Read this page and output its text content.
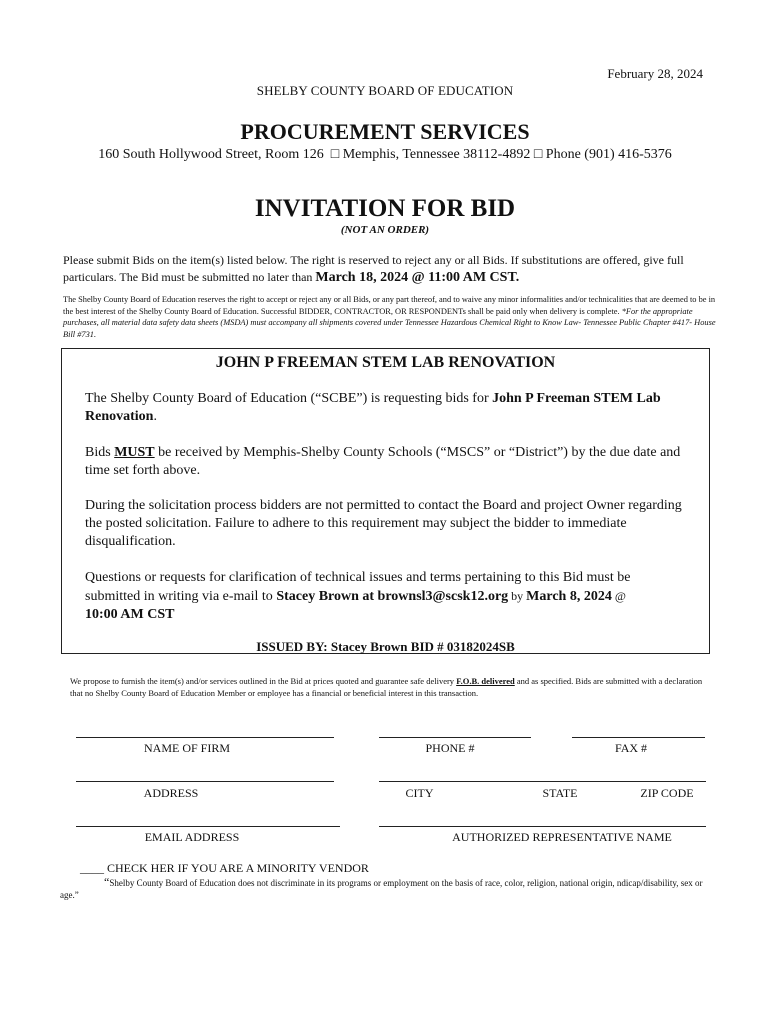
February 28, 2024
SHELBY COUNTY BOARD OF EDUCATION
PROCUREMENT SERVICES
160 South Hollywood Street, Room 126 □ Memphis, Tennessee 38112-4892 □ Phone (901) 416-5376
INVITATION FOR BID
(NOT AN ORDER)
Please submit Bids on the item(s) listed below. The right is reserved to reject any or all Bids. If substitutions are offered, give full particulars. The Bid must be submitted no later than March 18, 2024 @ 11:00 AM CST.
The Shelby County Board of Education reserves the right to accept or reject any or all Bids, or any part thereof, and to waive any minor informalities and/or technicalities that are deemed to be in the best interest of the Shelby County Board of Education. Successful BIDDER, CONTRACTOR, OR RESPONDENTs shall be paid only when delivery is complete. *For the appropriate purchases, all material data safety data sheets (MSDA) must accompany all shipments covered under Tennessee Hazardous Chemical Right to Know Law- Tennessee Public Chapter #417- House Bill #731.
JOHN P FREEMAN STEM LAB RENOVATION
The Shelby County Board of Education (“SCBE”) is requesting bids for John P Freeman STEM Lab Renovation.
Bids MUST be received by Memphis-Shelby County Schools (“MSCS” or “District”) by the due date and time set forth above.
During the solicitation process bidders are not permitted to contact the Board and project Owner regarding the posted solicitation. Failure to adhere to this requirement may subject the bidder to immediate disqualification.
Questions or requests for clarification of technical issues and terms pertaining to this Bid must be submitted in writing via e-mail to Stacey Brown at brownsl3@scsk12.org by March 8, 2024 @
10:00 AM CST
ISSUED BY: Stacey Brown BID # 03182024SB
We propose to furnish the item(s) and/or services outlined in the Bid at prices quoted and guarantee safe delivery F.O.B. delivered and as specified. Bids are submitted with a declaration that no Shelby County Board of Education Member or employee has a financial or beneficial interest in this transaction.
NAME OF FIRM	PHONE #	FAX #
ADDRESS	CITY	STATE	ZIP CODE
EMAIL ADDRESS	AUTHORIZED REPRESENTATIVE NAME
____ CHECK HER IF YOU ARE A MINORITY VENDOR
“Shelby County Board of Education does not discriminate in its programs or employment on the basis of race, color, religion, national origin, ndicap/disability, sex or age.”
